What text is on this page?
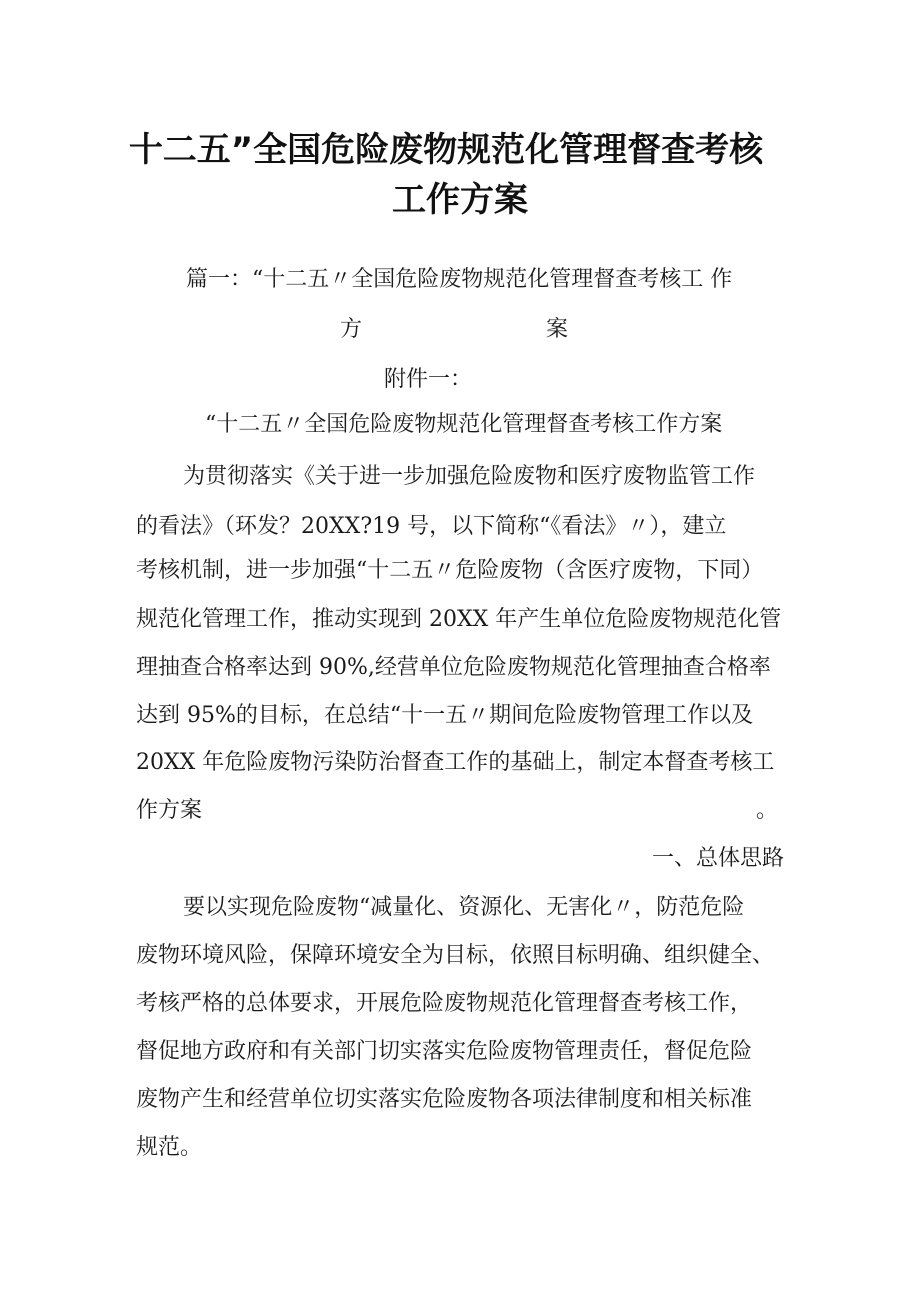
十二五”全国危险废物规范化管理督查考核
工作方案
篇一：“十二五〃全国危险废物规范化管理督查考核工 作
方	案
附件一：
“十二五〃全国危险废物规范化管理督查考核工作方案
为贯彻落实《关于进一步加强危险废物和医疗废物监管工作
的看法》（环发？20XX?19 号，以下简称“《看法》〃），建立
考核机制，进一步加强“十二五〃危险废物（含医疗废物，下同）
规范化管理工作，推动实现到 20XX 年产生单位危险废物规范化管
理抽查合格率达到 90%,经营单位危险废物规范化管理抽查合格率
达到 95%的目标，在总结“十一五〃期间危险废物管理工作以及
20XX 年危险废物污染防治督查工作的基础上，制定本督查考核工
作方案	。
一、总体思路
要以实现危险废物“减量化、资源化、无害化〃，防范危险
废物环境风险，保障环境安全为目标，依照目标明确、组织健全、
考核严格的总体要求，开展危险废物规范化管理督查考核工作，
督促地方政府和有关部门切实落实危险废物管理责任，督促危险
废物产生和经营单位切实落实危险废物各项法律制度和相关标准
规范。
